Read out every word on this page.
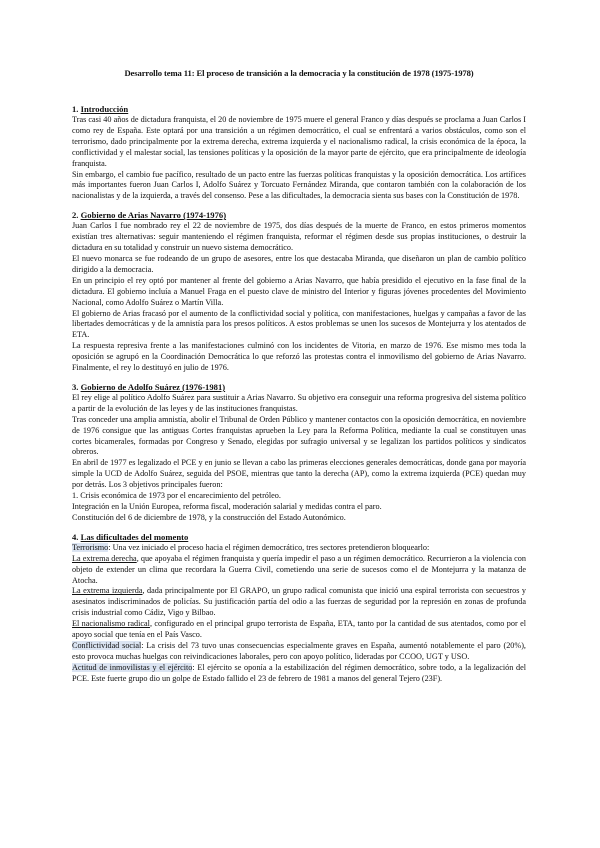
Desarrollo tema 11: El proceso de transición a la democracia y la constitución de 1978 (1975-1978)
1. Introducción

Tras casi 40 años de dictadura franquista, el 20 de noviembre de 1975 muere el general Franco y días después se proclama a Juan Carlos I como rey de España. Este optará por una transición a un régimen democrático, el cual se enfrentará a varios obstáculos, como son el terrorismo, dado principalmente por la extrema derecha, extrema izquierda y el nacionalismo radical, la crisis económica de la época, la conflictividad y el malestar social, las tensiones políticas y la oposición de la mayor parte de ejército, que era principalmente de ideología franquista.

Sin embargo, el cambio fue pacífico, resultado de un pacto entre las fuerzas políticas franquistas y la oposición democrática. Los artífices más importantes fueron Juan Carlos I, Adolfo Suárez y Torcuato Fernández Miranda, que contaron también con la colaboración de los nacionalistas y de la izquierda, a través del consenso. Pese a las dificultades, la democracia sienta sus bases con la Constitución de 1978.

2. Gobierno de Arias Navarro (1974-1976)

Juan Carlos I fue nombrado rey el 22 de noviembre de 1975, dos días después de la muerte de Franco, en estos primeros momentos existían tres alternativas: seguir manteniendo el régimen franquista, reformar el régimen desde sus propias instituciones, o destruir la dictadura en su totalidad y construir un nuevo sistema democrático.

El nuevo monarca se fue rodeando de un grupo de asesores, entre los que destacaba Miranda, que diseñaron un plan de cambio político dirigido a la democracia.

En un principio el rey optó por mantener al frente del gobierno a Arias Navarro, que había presidido el ejecutivo en la fase final de la dictadura. El gobierno incluía a Manuel Fraga en el puesto clave de ministro del Interior y figuras jóvenes procedentes del Movimiento Nacional, como Adolfo Suárez o Martín Villa.

El gobierno de Arias fracasó por el aumento de la conflictividad social y política, con manifestaciones, huelgas y campañas a favor de las libertades democráticas y de la amnistía para los presos políticos. A estos problemas se unen los sucesos de Montejurra y los atentados de ETA.

La respuesta represiva frente a las manifestaciones culminó con los incidentes de Vitoria, en marzo de 1976. Ese mismo mes toda la oposición se agrupó en la Coordinación Democrática lo que reforzó las protestas contra el inmovilismo del gobierno de Arias Navarro. Finalmente, el rey lo destituyó en julio de 1976.

3. Gobierno de Adolfo Suárez (1976-1981)

El rey elige al político Adolfo Suárez para sustituir a Arias Navarro. Su objetivo era conseguir una reforma progresiva del sistema político a partir de la evolución de las leyes y de las instituciones franquistas.

Tras conceder una amplia amnistía, abolir el Tribunal de Orden Público y mantener contactos con la oposición democrática, en noviembre de 1976 consigue que las antiguas Cortes franquistas aprueben la Ley para la Reforma Política, mediante la cual se constituyen unas cortes bicamerales, formadas por Congreso y Senado, elegidas por sufragio universal y se legalizan los partidos políticos y sindicatos obreros.

En abril de 1977 es legalizado el PCE y en junio se llevan a cabo las primeras elecciones generales democráticas, donde gana por mayoría simple la UCD de Adolfo Suárez, seguida del PSOE, mientras que tanto la derecha (AP), como la extrema izquierda (PCE) quedan muy por detrás. Los 3 objetivos principales fueron:

1. Crisis económica de 1973 por el encarecimiento del petróleo.

Integración en la Unión Europea, reforma fiscal, moderación salarial y medidas contra el paro.

Constitución del 6 de diciembre de 1978, y la construcción del Estado Autonómico.

4. Las dificultades del momento

Terrorismo: Una vez iniciado el proceso hacia el régimen democrático, tres sectores pretendieron bloquearlo:

La extrema derecha, que apoyaba el régimen franquista y quería impedir el paso a un régimen democrático. Recurrieron a la violencia con objeto de extender un clima que recordara la Guerra Civil, cometiendo una serie de sucesos como el de Montejurra y la matanza de Atocha.

La extrema izquierda, dada principalmente por El GRAPO, un grupo radical comunista que inició una espiral terrorista con secuestros y asesinatos indiscriminados de policías. Su justificación partía del odio a las fuerzas de seguridad por la represión en zonas de profunda crisis industrial como Cádiz, Vigo y Bilbao.

El nacionalismo radical, configurado en el principal grupo terrorista de España, ETA, tanto por la cantidad de sus atentados, como por el apoyo social que tenía en el País Vasco.

Conflictividad social: La crisis del 73 tuvo unas consecuencias especialmente graves en España, aumentó notablemente el paro (20%), esto provoca muchas huelgas con reivindicaciones laborales, pero con apoyo político, lideradas por CCOO, UGT y USO.

Actitud de inmovilistas y el ejército: El ejército se oponía a la estabilización del régimen democrático, sobre todo, a la legalización del PCE. Este fuerte grupo dio un golpe de Estado fallido el 23 de febrero de 1981 a manos del general Tejero (23F).
